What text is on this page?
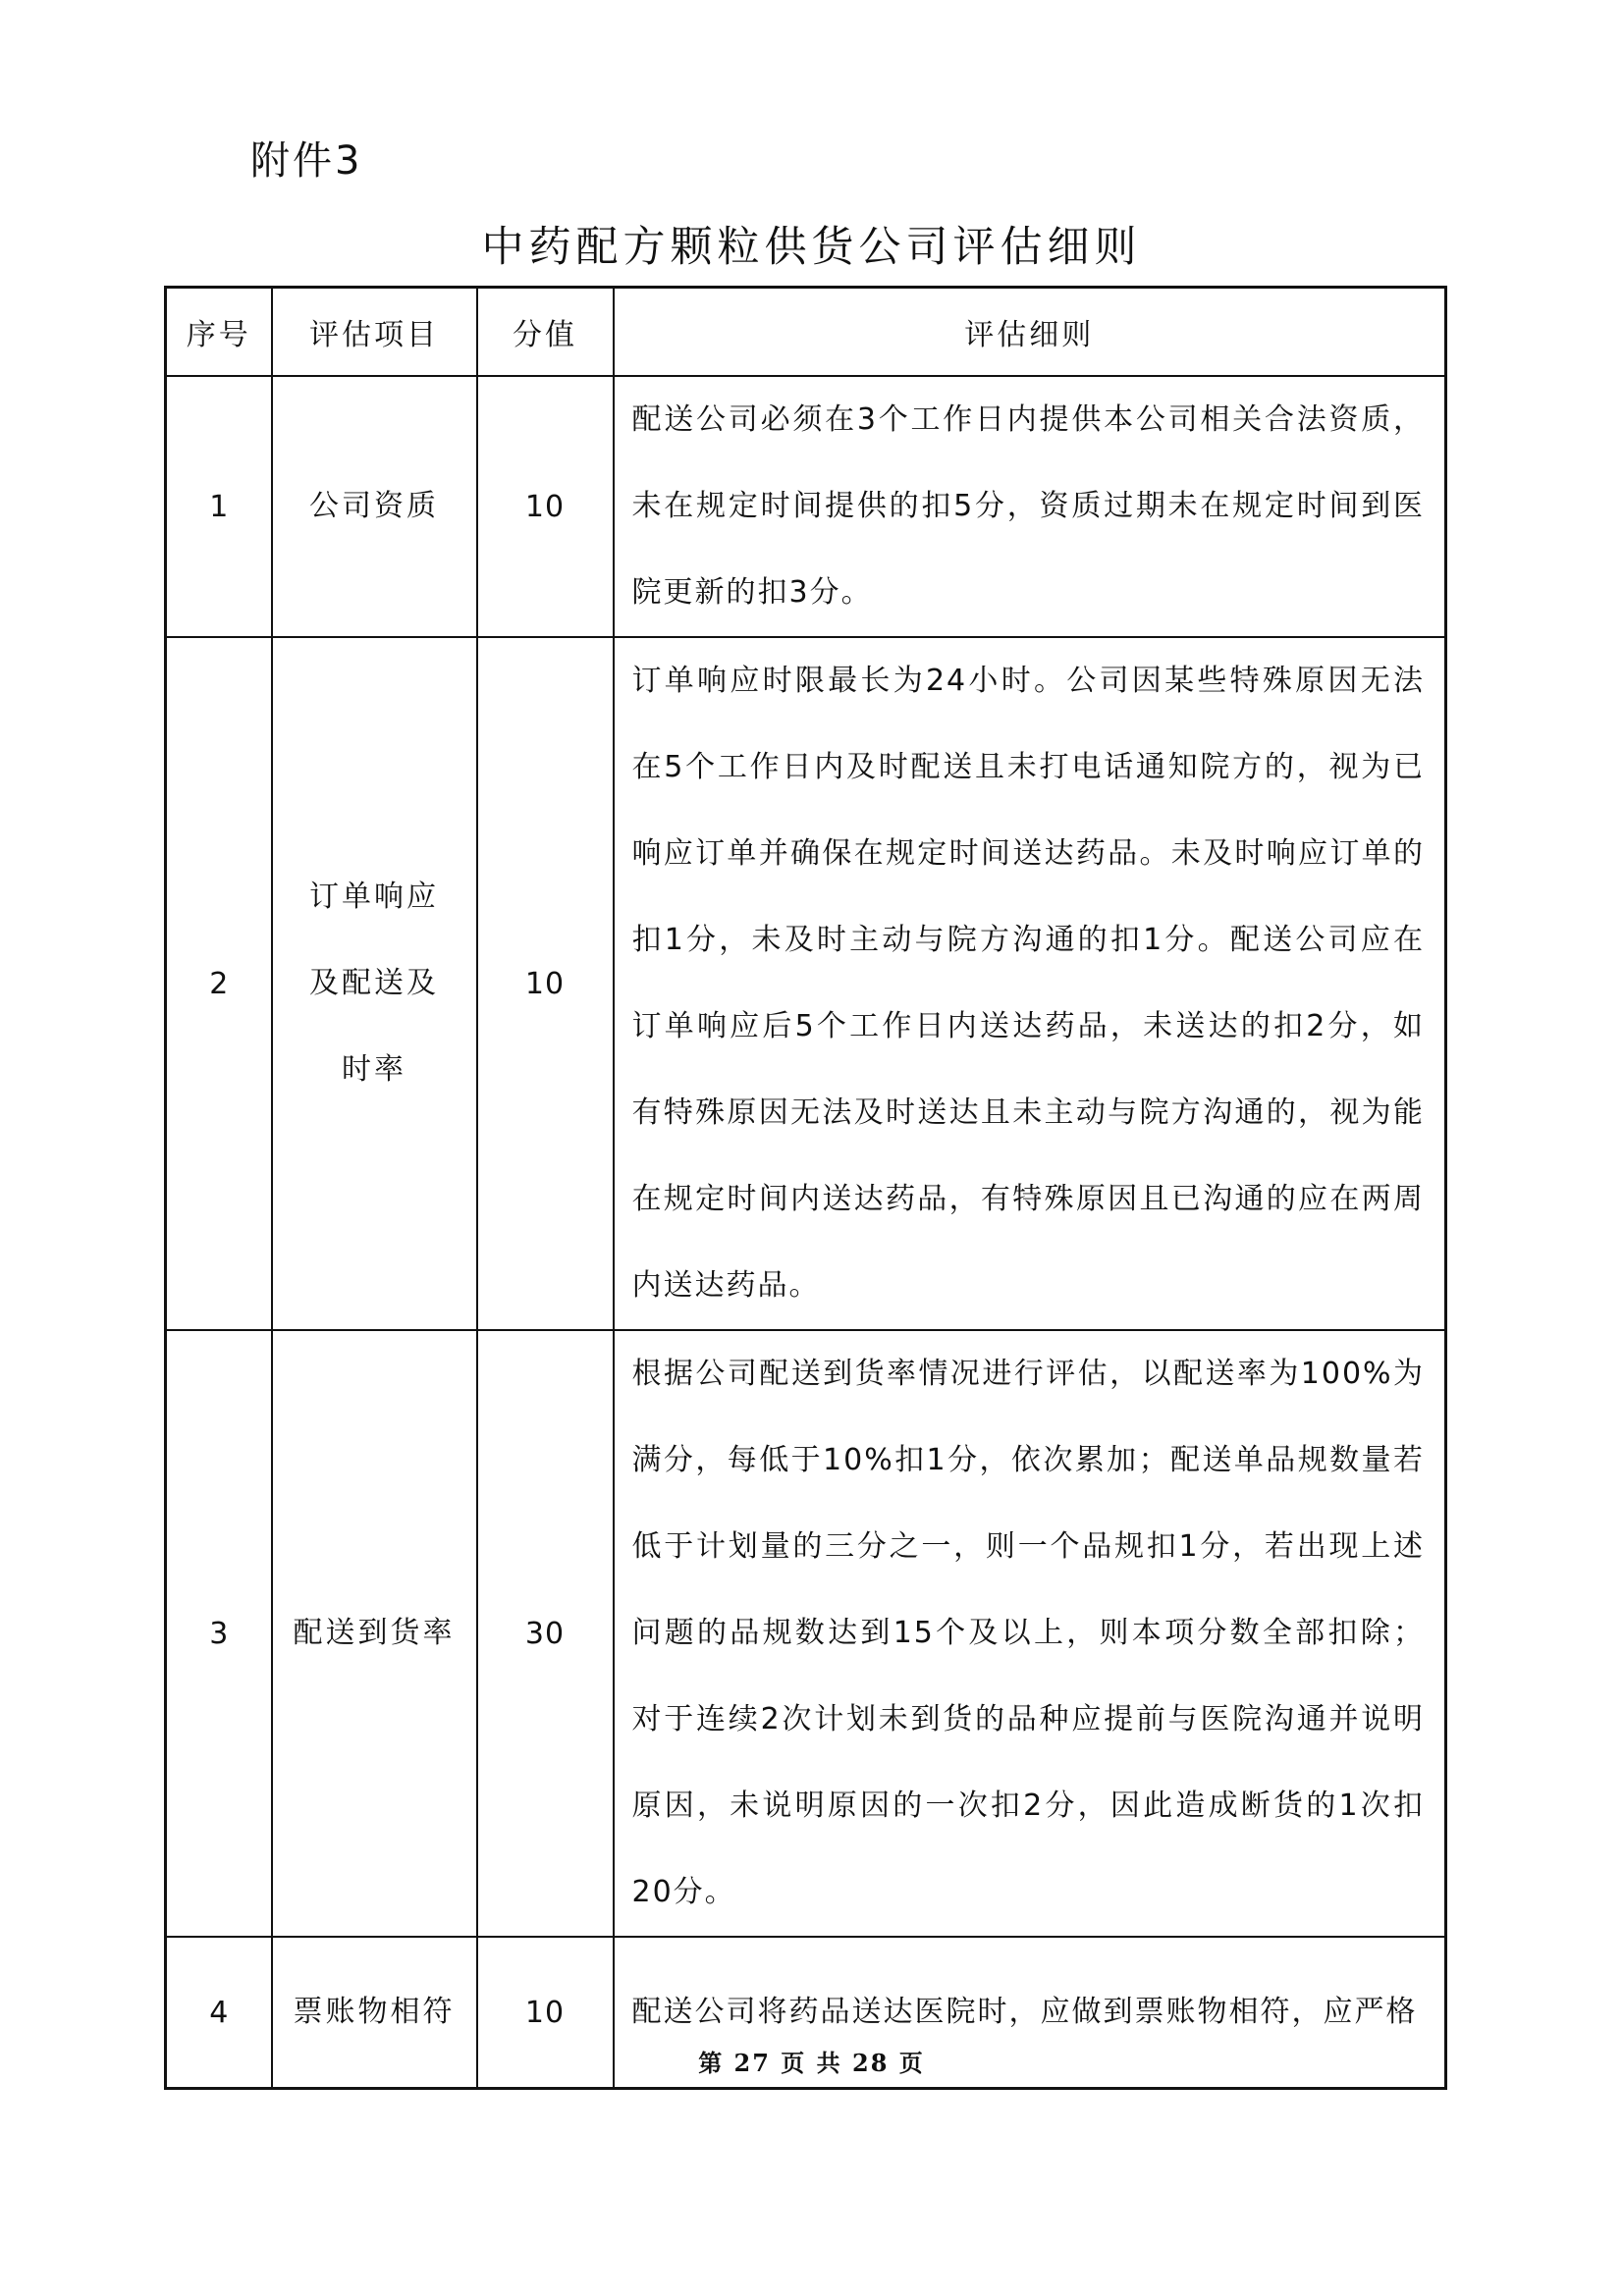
附件3
中药配方颗粒供货公司评估细则
序号	评估项目	分值	评估细则
1	公司资质	10	配送公司必须在3个工作日内提供本公司相关合法资质，未在规定时间提供的扣5分，资质过期未在规定时间到医院更新的扣3分。
2	订单响应及配送及时率	10	订单响应时限最长为24小时。公司因某些特殊原因无法在5个工作日内及时配送且未打电话通知院方的，视为已响应订单并确保在规定时间送达药品。未及时响应订单的扣1分，未及时主动与院方沟通的扣1分。配送公司应在订单响应后5个工作日内送达药品，未送达的扣2分，如有特殊原因无法及时送达且未主动与院方沟通的，视为能在规定时间内送达药品，有特殊原因且已沟通的应在两周内送达药品。
3	配送到货率	30	根据公司配送到货率情况进行评估，以配送率为100%为满分，每低于10%扣1分，依次累加；配送单品规数量若低于计划量的三分之一，则一个品规扣1分，若出现上述问题的品规数达到15个及以上，则本项分数全部扣除；对于连续2次计划未到货的品种应提前与医院沟通并说明原因，未说明原因的一次扣2分，因此造成断货的1次扣20分。
4	票账物相符	10	配送公司将药品送达医院时，应做到票账物相符，应严格
第 27 页 共 28 页
